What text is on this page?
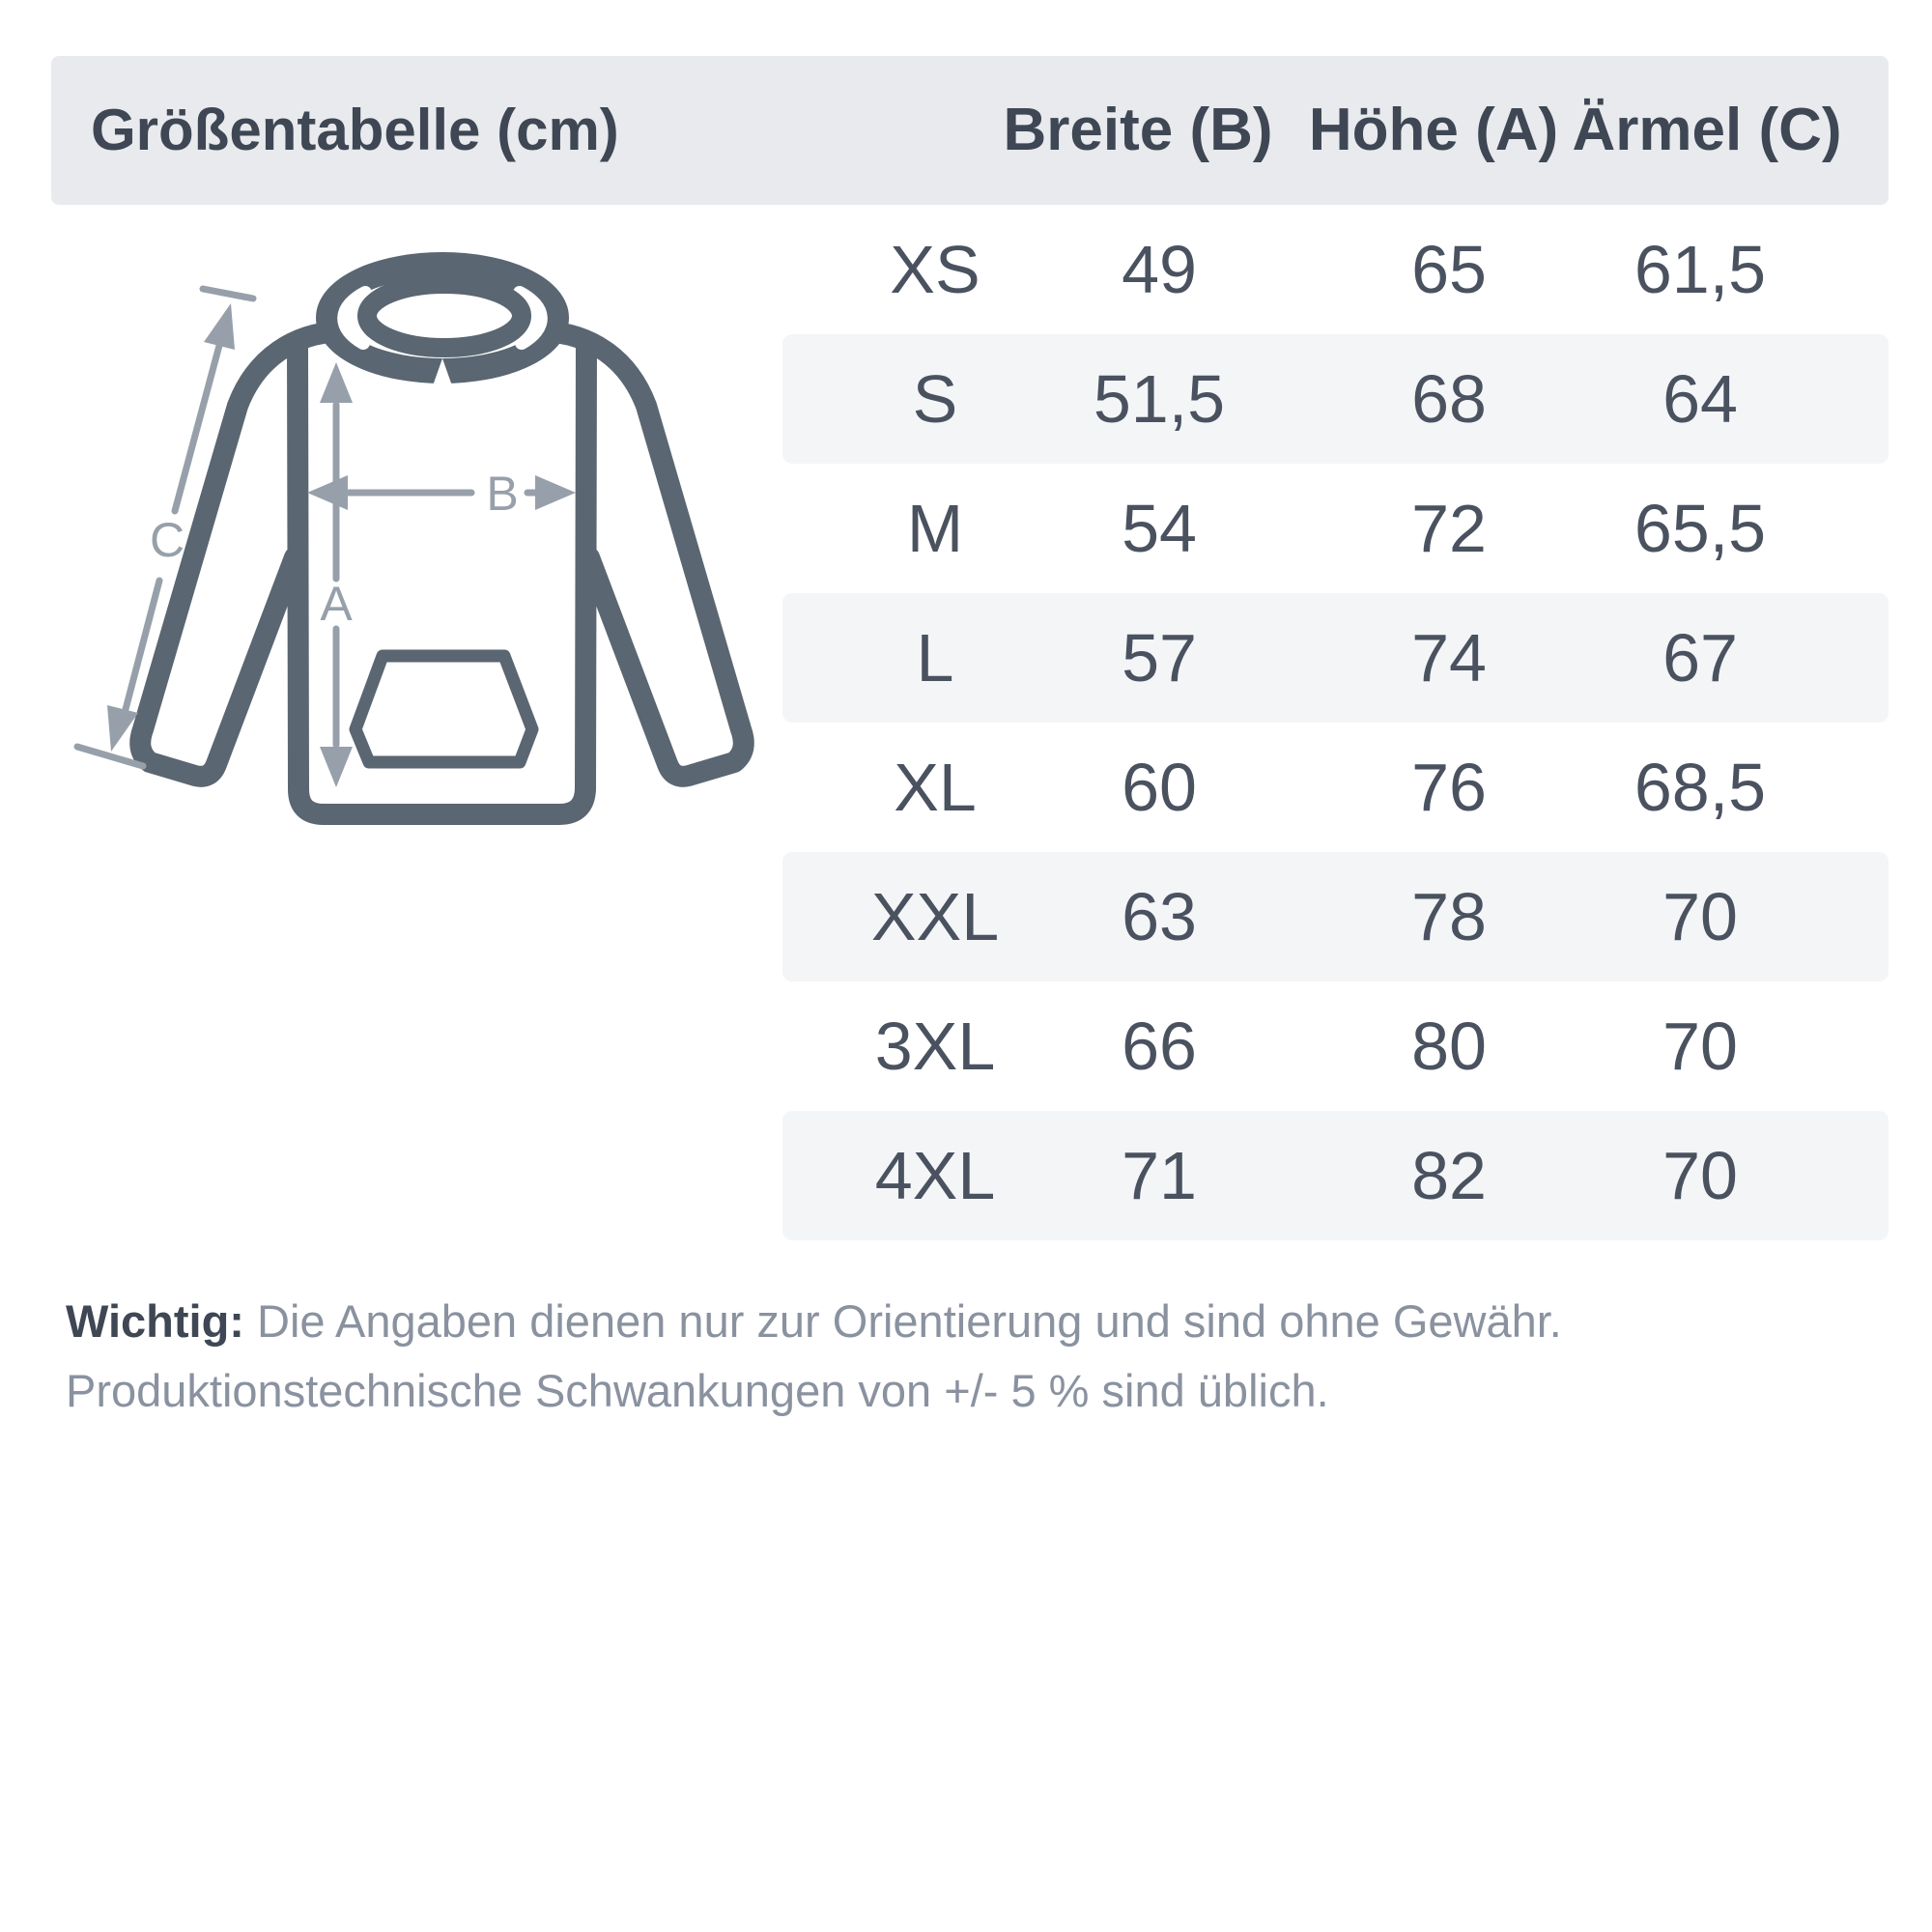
Größentabelle (cm)	Breite (B) Höhe (A) Ärmel (C)
XS 49	65 61,5
S 51,5	68	64
M 54	72 65,5
L 57	74	67
XL 60	76 68,5
XXL 63	78	70
3XL 66	80	70
4XL 71	82	70
A
B
C
Wichtig: Die Angaben dienen nur zur Orientierung und sind ohne Gewähr.
Produktionstechnische Schwankungen von +/- 5 % sind üblich.
